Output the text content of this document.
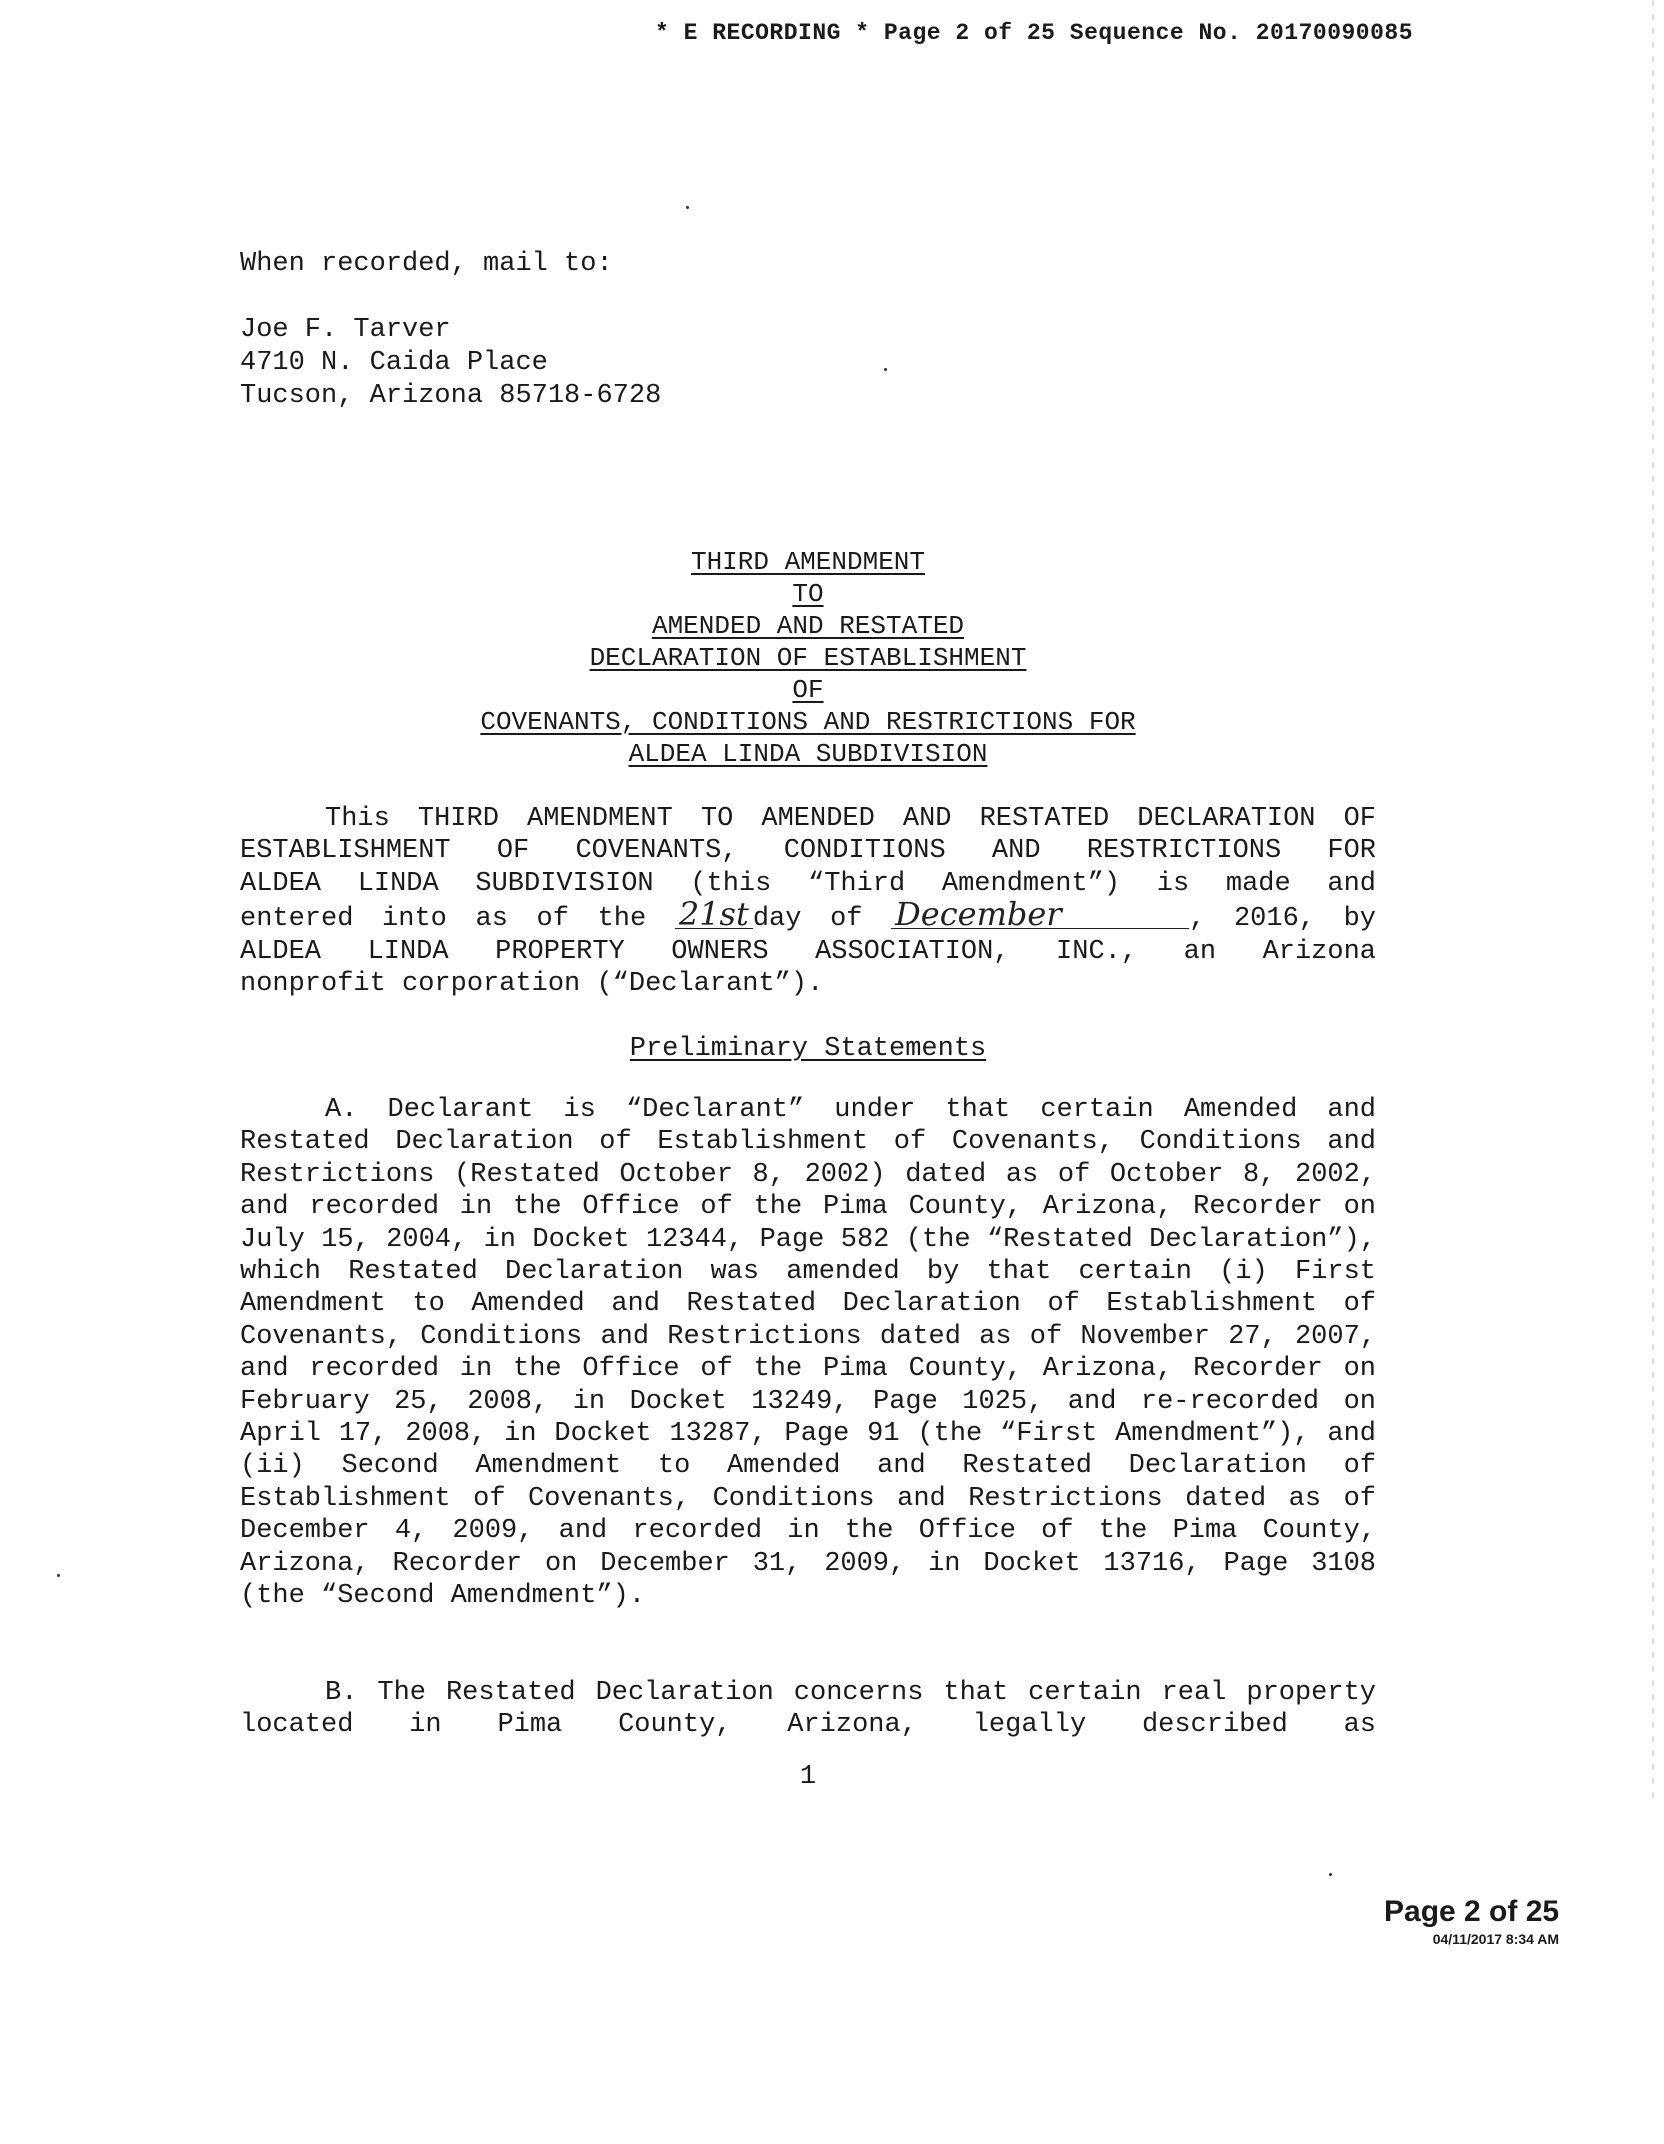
* E RECORDING * Page 2 of 25 Sequence No. 20170090085
When recorded, mail to:
Joe F. Tarver
4710 N. Caida Place
Tucson, Arizona 85718-6728
THIRD AMENDMENT
TO
AMENDED AND RESTATED
DECLARATION OF ESTABLISHMENT
OF
COVENANTS, CONDITIONS AND RESTRICTIONS FOR
ALDEA LINDA SUBDIVISION
This THIRD AMENDMENT TO AMENDED AND RESTATED DECLARATION OF
ESTABLISHMENT OF COVENANTS, CONDITIONS AND RESTRICTIONS FOR
ALDEA LINDA SUBDIVISION (this “Third Amendment”) is made and
entered into as of the 21st day of December	, 2016, by
ALDEA LINDA PROPERTY OWNERS ASSOCIATION, INC., an Arizona
nonprofit corporation (“Declarant”).
Preliminary Statements
A. Declarant is “Declarant” under that certain Amended and Restated Declaration of Establishment of Covenants, Conditions and Restrictions (Restated October 8, 2002) dated as of October 8, 2002, and recorded in the Office of the Pima County, Arizona, Recorder on July 15, 2004, in Docket 12344, Page 582 (the “Restated Declaration”), which Restated Declaration was amended by that certain (i) First Amendment to Amended and Restated Declaration of Establishment of Covenants, Conditions and Restrictions dated as of November 27, 2007, and recorded in the Office of the Pima County, Arizona, Recorder on February 25, 2008, in Docket 13249, Page 1025, and re-recorded on April 17, 2008, in Docket 13287, Page 91 (the “First Amendment”), and (ii) Second Amendment to Amended and Restated Declaration of Establishment of Covenants, Conditions and Restrictions dated as of December 4, 2009, and recorded in the Office of the Pima County, Arizona, Recorder on December 31, 2009, in Docket 13716, Page 3108 (the “Second Amendment”).
B. The Restated Declaration concerns that certain real property located in Pima County, Arizona, legally described as
1
Page 2 of 25
04/11/2017 8:34 AM
